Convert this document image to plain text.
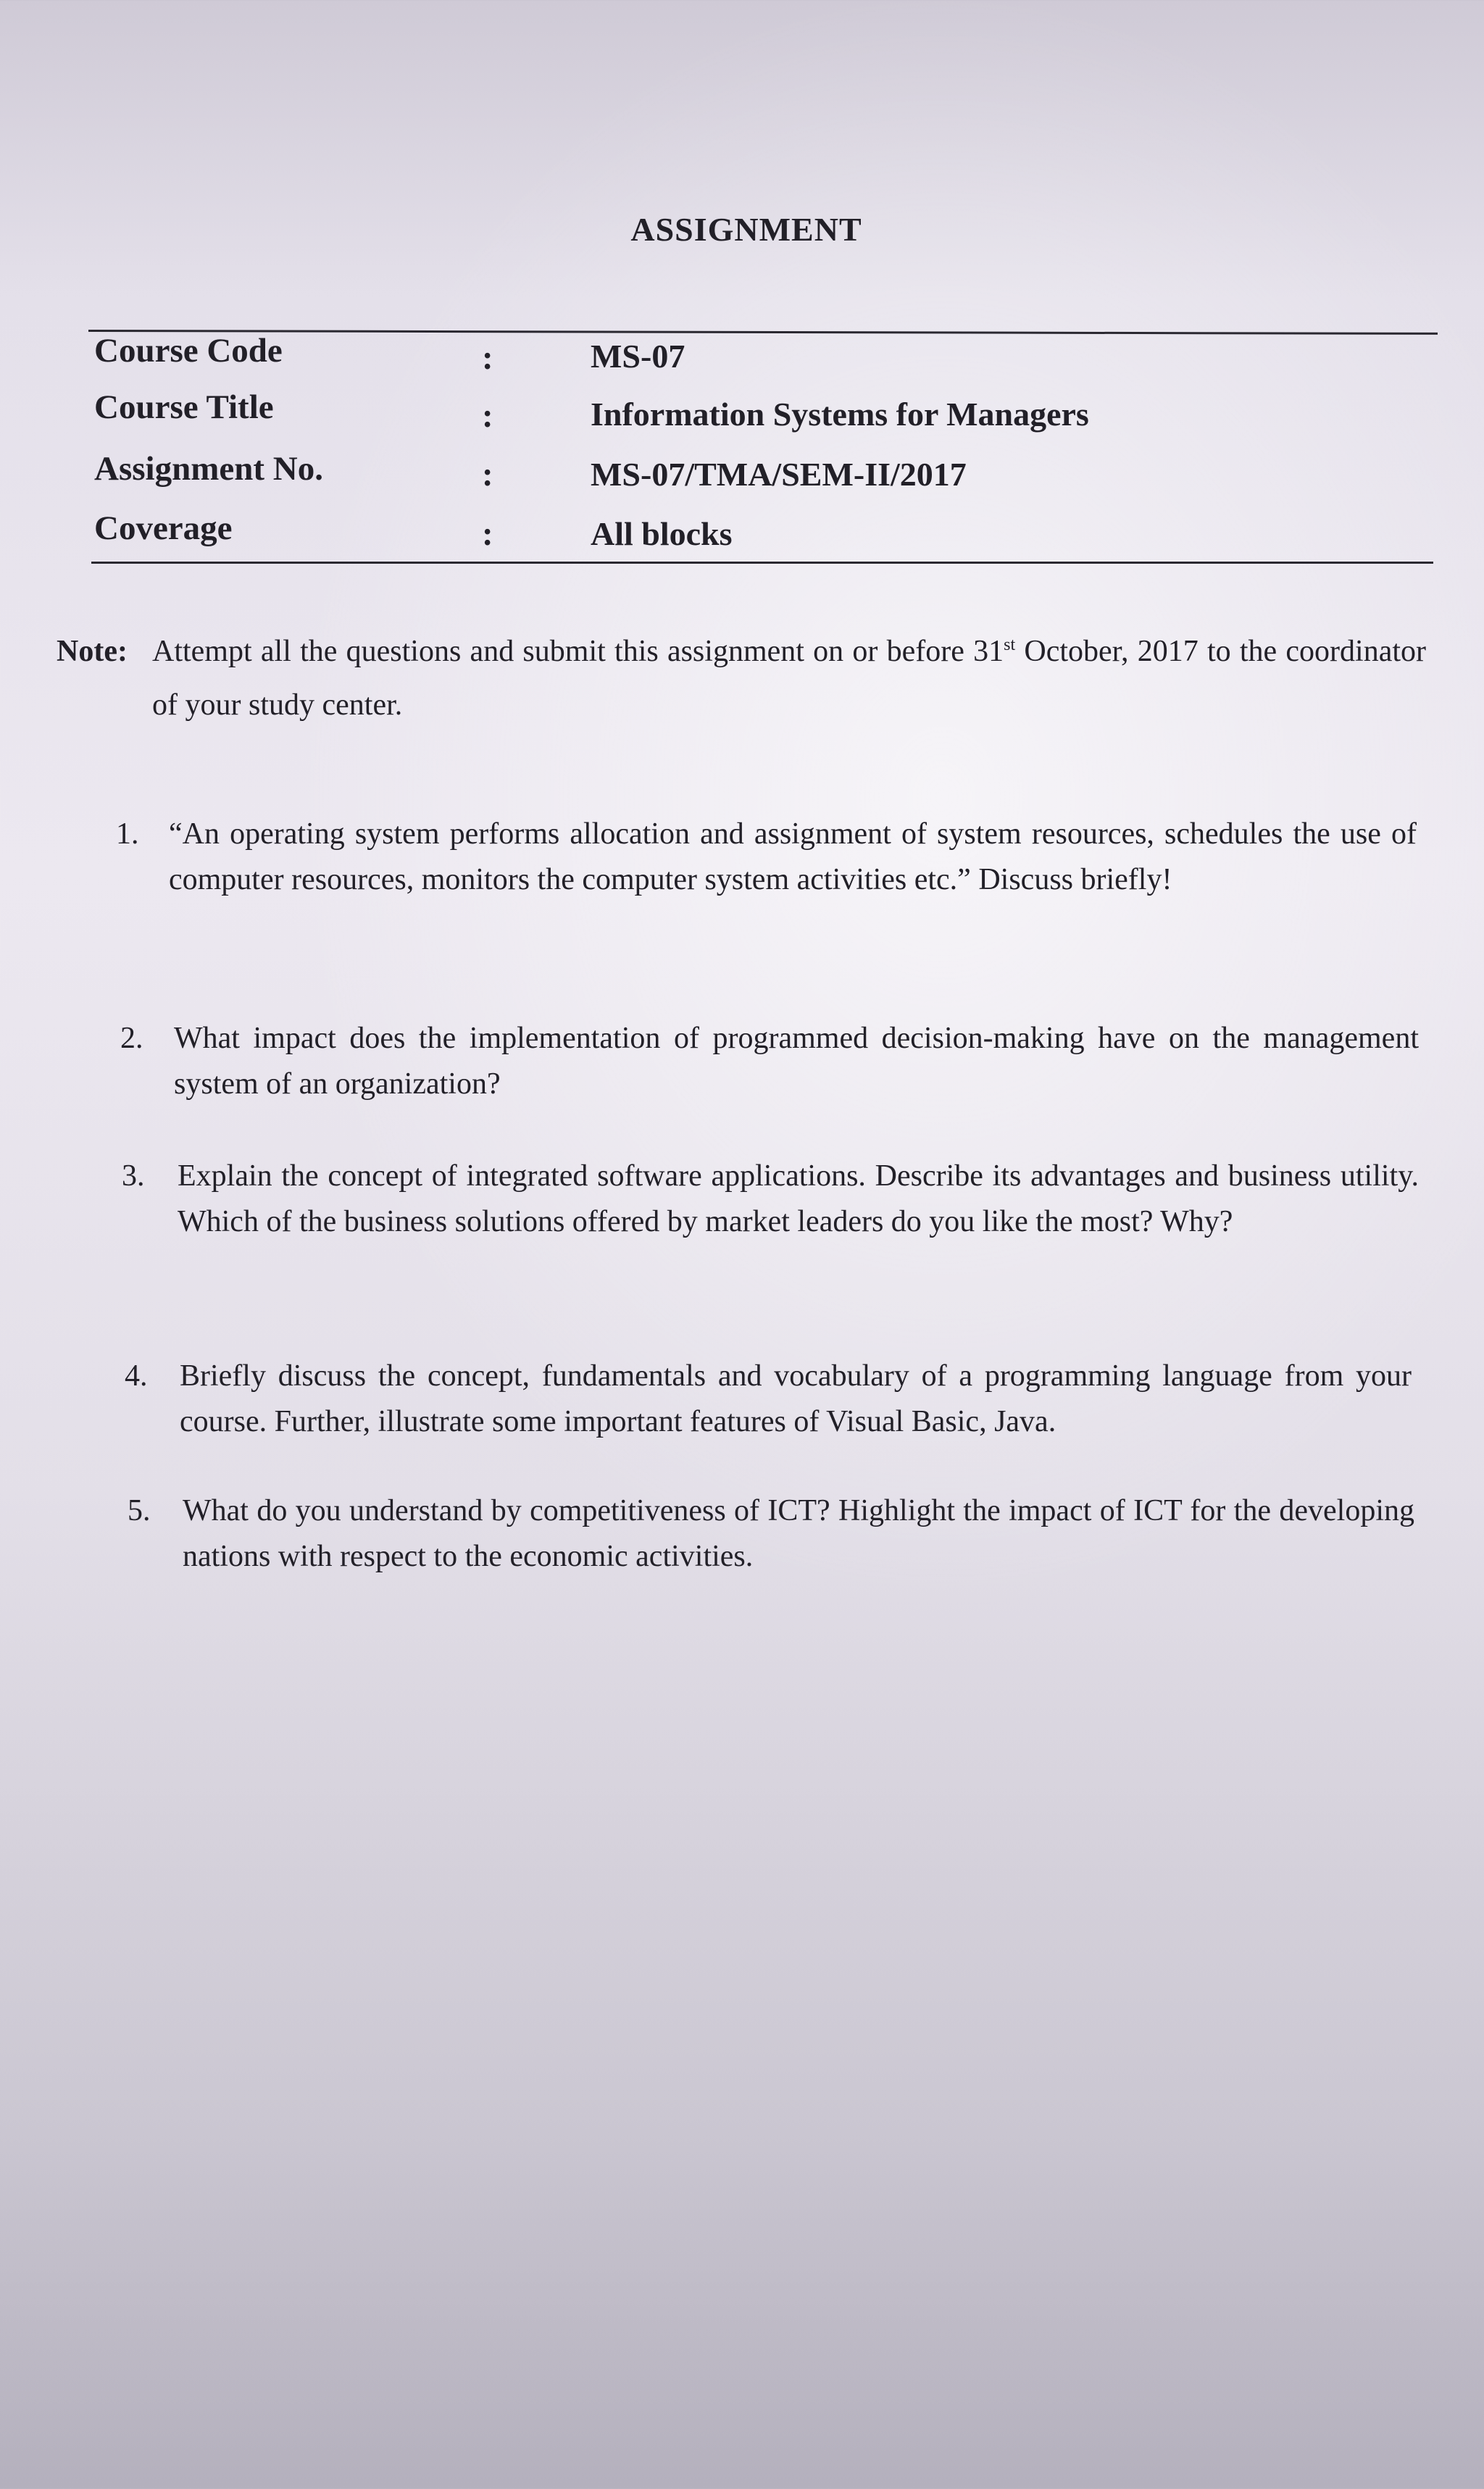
ASSIGNMENT
Course Code	:	MS-07
Course Title	:	Information Systems for Managers
Assignment No.	:	MS-07/TMA/SEM-II/2017
Coverage	:	All blocks
Note: Attempt all the questions and submit this assignment on or before 31st October, 2017 to the coordinator of your study center.
1. “An operating system performs allocation and assignment of system resources, schedules the use of computer resources, monitors the computer system activities etc.” Discuss briefly!
2.	What impact does the implementation of programmed decision-making have on the management system of an organization?
3.	Explain the concept of integrated software applications. Describe its advantages and business utility. Which of the business solutions offered by market leaders do you like the most? Why?
4.	Briefly discuss the concept, fundamentals and vocabulary of a programming language from your course. Further, illustrate some important features of Visual Basic, Java.
5.	What do you understand by competitiveness of ICT? Highlight the impact of ICT for the developing nations with respect to the economic activities.
